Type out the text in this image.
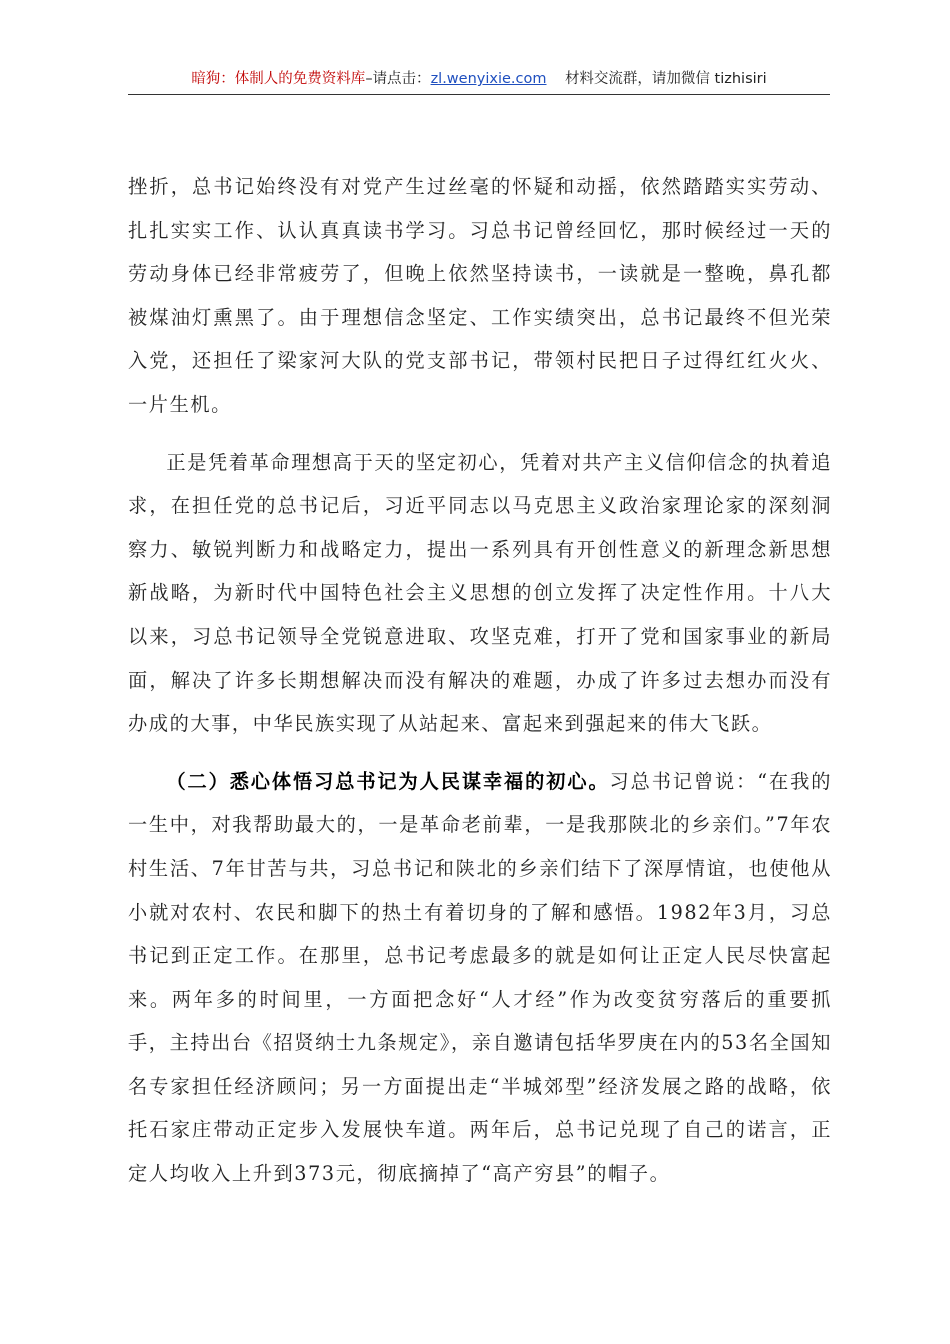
暗狗：体制人的免费资料库–请点击：zl.wenyixie.com 材料交流群，请加微信 tizhisiri

挫折，总书记始终没有对党产生过丝毫的怀疑和动摇，依然踏踏实实劳动、扎扎实实工作、认认真真读书学习。习总书记曾经回忆，那时候经过一天的劳动身体已经非常疲劳了，但晚上依然坚持读书，一读就是一整晚，鼻孔都被煤油灯熏黑了。由于理想信念坚定、工作实绩突出，总书记最终不但光荣入党，还担任了梁家河大队的党支部书记，带领村民把日子过得红红火火、一片生机。

正是凭着革命理想高于天的坚定初心，凭着对共产主义信仰信念的执着追求，在担任党的总书记后，习近平同志以马克思主义政治家理论家的深刻洞察力、敏锐判断力和战略定力，提出一系列具有开创性意义的新理念新思想新战略，为新时代中国特色社会主义思想的创立发挥了决定性作用。十八大以来，习总书记领导全党锐意进取、攻坚克难，打开了党和国家事业的新局面，解决了许多长期想解决而没有解决的难题，办成了许多过去想办而没有办成的大事，中华民族实现了从站起来、富起来到强起来的伟大飞跃。

（二）悉心体悟习总书记为人民谋幸福的初心。习总书记曾说：“在我的一生中，对我帮助最大的，一是革命老前辈，一是我那陕北的乡亲们。”7年农村生活、7年甘苦与共，习总书记和陕北的乡亲们结下了深厚情谊，也使他从小就对农村、农民和脚下的热土有着切身的了解和感悟。1982年3月，习总书记到正定工作。在那里，总书记考虑最多的就是如何让正定人民尽快富起来。两年多的时间里，一方面把念好“人才经”作为改变贫穷落后的重要抓手，主持出台《招贤纳士九条规定》，亲自邀请包括华罗庚在内的53名全国知名专家担任经济顾问；另一方面提出走“半城郊型”经济发展之路的战略，依托石家庄带动正定步入发展快车道。两年后，总书记兑现了自己的诺言，正定人均收入上升到373元，彻底摘掉了“高产穷县”的帽子。
